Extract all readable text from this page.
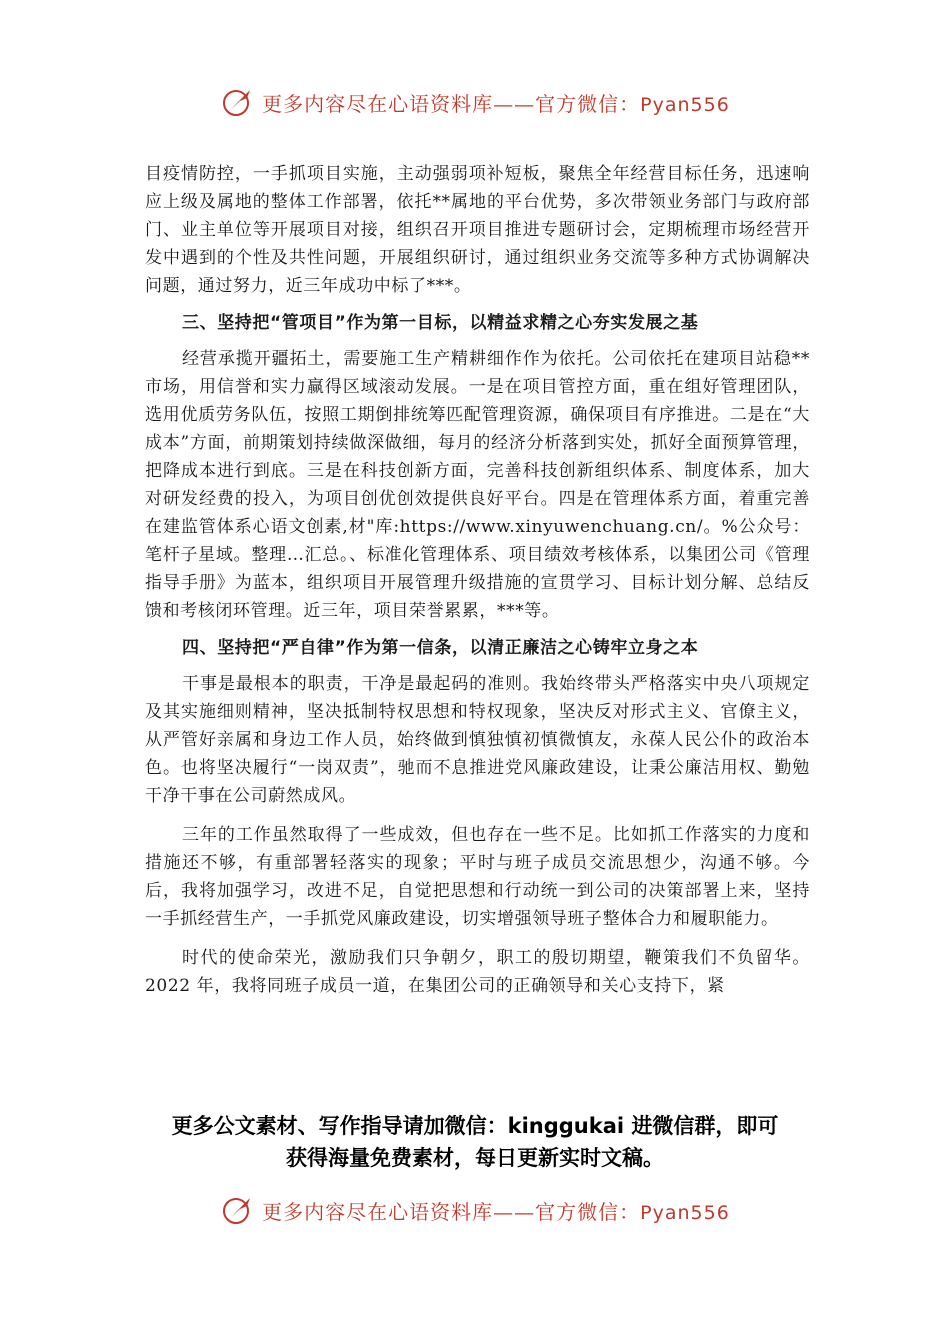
更多内容尽在心语资料库——官方微信：Pyan556

目疫情防控，一手抓项目实施，主动强弱项补短板，聚焦全年经营目标任务，迅速响应上级及属地的整体工作部署，依托**属地的平台优势，多次带领业务部门与政府部门、业主单位等开展项目对接，组织召开项目推进专题研讨会，定期梳理市场经营开发中遇到的个性及共性问题，开展组织研讨，通过组织业务交流等多种方式协调解决问题，通过努力，近三年成功中标了***。

三、坚持把“管项目”作为第一目标，以精益求精之心夯实发展之基

经营承揽开疆拓土，需要施工生产精耕细作作为依托。公司依托在建项目站稳**市场，用信誉和实力赢得区域滚动发展。一是在项目管控方面，重在组好管理团队，选用优质劳务队伍，按照工期倒排统筹匹配管理资源，确保项目有序推进。二是在“大成本”方面，前期策划持续做深做细，每月的经济分析落到实处，抓好全面预算管理，把降成本进行到底。三是在科技创新方面，完善科技创新组织体系、制度体系，加大对研发经费的投入，为项目创优创效提供良好平台。四是在管理体系方面，着重完善在建监管体系心语文创素,材"库:https://www.xinyuwenchuang.cn/。%公众号：笔杆子星域。整理…汇总。、标准化管理体系、项目绩效考核体系，以集团公司《管理指导手册》为蓝本，组织项目开展管理升级措施的宣贯学习、目标计划分解、总结反馈和考核闭环管理。近三年，项目荣誉累累，***等。

四、坚持把“严自律”作为第一信条，以清正廉洁之心铸牢立身之本

干事是最根本的职责，干净是最起码的准则。我始终带头严格落实中央八项规定及其实施细则精神，坚决抵制特权思想和特权现象，坚决反对形式主义、官僚主义，从严管好亲属和身边工作人员，始终做到慎独慎初慎微慎友，永葆人民公仆的政治本色。也将坚决履行“一岗双责”，驰而不息推进党风廉政建设，让秉公廉洁用权、勤勉干净干事在公司蔚然成风。

三年的工作虽然取得了一些成效，但也存在一些不足。比如抓工作落实的力度和措施还不够，有重部署轻落实的现象；平时与班子成员交流思想少，沟通不够。今后，我将加强学习，改进不足，自觉把思想和行动统一到公司的决策部署上来，坚持一手抓经营生产，一手抓党风廉政建设，切实增强领导班子整体合力和履职能力。

时代的使命荣光，激励我们只争朝夕，职工的殷切期望，鞭策我们不负留华。2022 年，我将同班子成员一道，在集团公司的正确领导和关心支持下，紧

更多公文素材、写作指导请加微信：kinggukai 进微信群，即可
获得海量免费素材，每日更新实时文稿。
更多内容尽在心语资料库——官方微信：Pyan556
